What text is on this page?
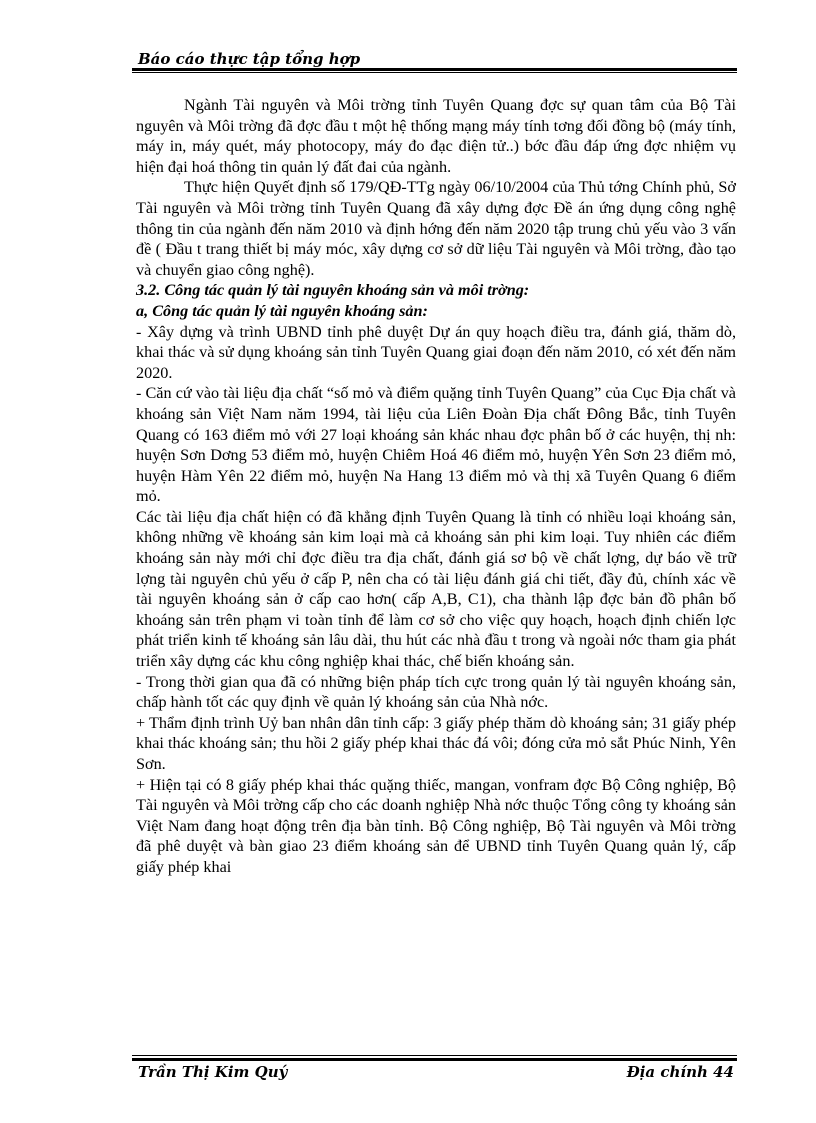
Báo cáo thực tập tổng hợp

Ngành Tài nguyên và Môi trờng tỉnh Tuyên Quang đợc sự quan tâm của Bộ Tài nguyên và Môi trờng đã đợc đầu t một hệ thống mạng máy tính tơng đối đồng bộ (máy tính, máy in, máy quét, máy photocopy, máy đo đạc điện tử..) bớc đầu đáp ứng đợc nhiệm vụ hiện đại hoá thông tin quản lý đất đai của ngành.

Thực hiện Quyết định số 179/QĐ-TTg ngày 06/10/2004 của Thủ tớng Chính phủ, Sở Tài nguyên và Môi trờng tỉnh Tuyên Quang đã xây dựng đợc Đề án ứng dụng công nghệ thông tin của ngành đến năm 2010 và định hớng đến năm 2020 tập trung chủ yếu vào 3 vấn đề ( Đầu t trang thiết bị máy móc, xây dựng cơ sở dữ liệu Tài nguyên và Môi trờng, đào tạo và chuyển giao công nghệ).

3.2. Công tác quản lý tài nguyên khoáng sản và môi trờng:
a, Công tác quản lý tài nguyên khoáng sản:

- Xây dựng và trình UBND tỉnh phê duyệt Dự án quy hoạch điều tra, đánh giá, thăm dò, khai thác và sử dụng khoáng sản tỉnh Tuyên Quang giai đoạn đến năm 2010, có xét đến năm 2020.

- Căn cứ vào tài liệu địa chất “số mỏ và điểm quặng tỉnh Tuyên Quang” của Cục Địa chất và khoáng sản Việt Nam năm 1994, tài liệu của Liên Đoàn Địa chất Đông Bắc, tỉnh Tuyên Quang có 163 điểm mỏ với 27 loại khoáng sản khác nhau đợc phân bố ở các huyện, thị nh: huyện Sơn Dơng 53 điểm mỏ, huyện Chiêm Hoá 46 điểm mỏ, huyện Yên Sơn 23 điểm mỏ, huyện Hàm Yên 22 điểm mỏ, huyện Na Hang 13 điểm mỏ và thị xã Tuyên Quang 6 điểm mỏ.

Các tài liệu địa chất hiện có đã khẳng định Tuyên Quang là tỉnh có nhiều loại khoáng sản, không những về khoáng sản kim loại mà cả khoáng sản phi kim loại. Tuy nhiên các điểm khoáng sản này mới chỉ đợc điều tra địa chất, đánh giá sơ bộ về chất lợng, dự báo về trữ lợng tài nguyên chủ yếu ở cấp P, nên cha có tài liệu đánh giá chi tiết, đầy đủ, chính xác về tài nguyên khoáng sản ở cấp cao hơn( cấp A,B, C1), cha thành lập đợc bản đồ phân bố khoáng sản trên phạm vi toàn tỉnh để làm cơ sở cho việc quy hoạch, hoạch định chiến lợc phát triển kinh tế khoáng sản lâu dài, thu hút các nhà đầu t trong và ngoài nớc tham gia phát triển xây dựng các khu công nghiệp khai thác, chế biến khoáng sản.

- Trong thời gian qua đã có những biện pháp tích cực trong quản lý tài nguyên khoáng sản, chấp hành tốt các quy định về quản lý khoáng sản của Nhà nớc.

+ Thẩm định trình Uỷ ban nhân dân tỉnh cấp: 3 giấy phép thăm dò khoáng sản; 31 giấy phép khai thác khoáng sản; thu hồi 2 giấy phép khai thác đá vôi; đóng cửa mỏ sắt Phúc Ninh, Yên Sơn.

+ Hiện tại có 8 giấy phép khai thác quặng thiếc, mangan, vonfram đợc Bộ Công nghiệp, Bộ Tài nguyên và Môi trờng cấp cho các doanh nghiệp Nhà nớc thuộc Tổng công ty khoáng sản Việt Nam đang hoạt động trên địa bàn tỉnh. Bộ Công nghiệp, Bộ Tài nguyên và Môi trờng đã phê duyệt và bàn giao 23 điểm khoáng sản để UBND tỉnh Tuyên Quang quản lý, cấp giấy phép khai

Trần Thị Kim Quý	Địa chính 44
